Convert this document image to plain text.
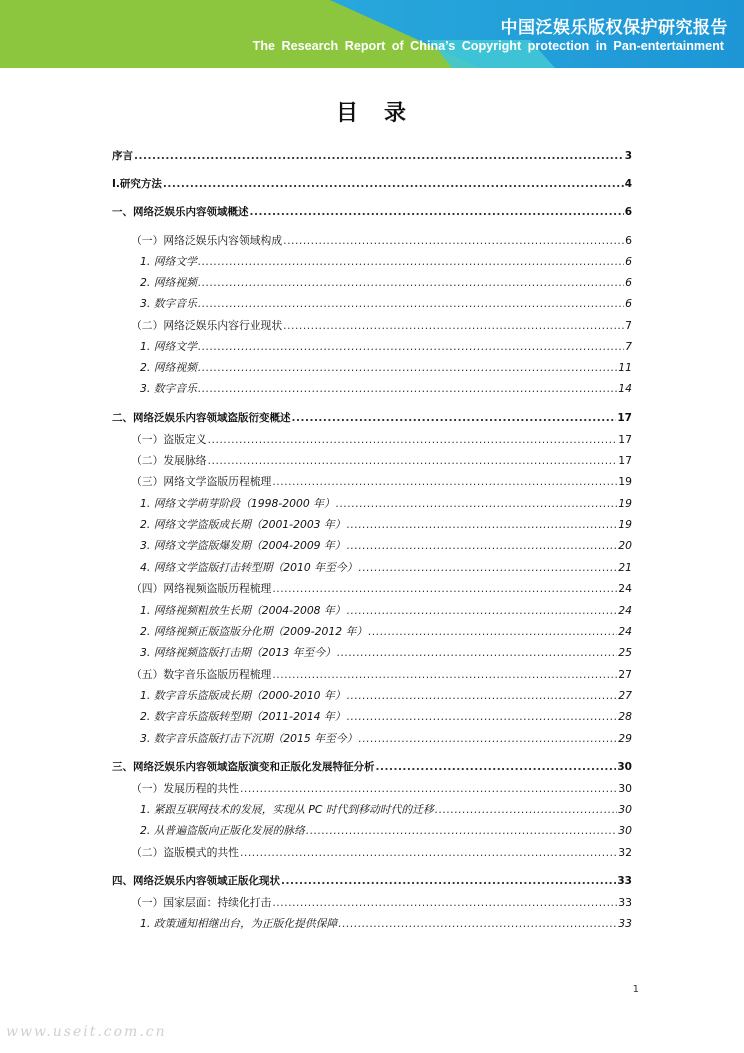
中国泛娱乐版权保护研究报告
The Research Report of China’s Copyright protection in Pan-entertainment
目　录
序言 .....	3
Ⅰ.研究方法 .....	4
一、网络泛娱乐内容领域概述 .....	6
（一）网络泛娱乐内容领域构成 .....	6
1. 网络文学 .....	6
2. 网络视频 .....	6
3. 数字音乐 .....	6
（二）网络泛娱乐内容行业现状 .....	7
1. 网络文学 .....	7
2. 网络视频 .....	11
3. 数字音乐 .....	14
二、网络泛娱乐内容领域盗版衍变概述 .....	17
（一）盗版定义 .....	17
（二）发展脉络 .....	17
（三）网络文学盗版历程梳理 .....	19
1. 网络文学萌芽阶段（1998-2000 年） .....	19
2. 网络文学盗版成长期（2001-2003 年） .....	19
3. 网络文学盗版爆发期（2004-2009 年） .....	20
4. 网络文学盗版打击转型期（2010 年至今） .....	21
（四）网络视频盗版历程梳理 .....	24
1. 网络视频粗放生长期（2004-2008 年） .....	24
2. 网络视频正版盗版分化期（2009-2012 年） .....	24
3. 网络视频盗版打击期（2013 年至今） .....	25
（五）数字音乐盗版历程梳理 .....	27
1. 数字音乐盗版成长期（2000-2010 年） .....	27
2. 数字音乐盗版转型期（2011-2014 年） .....	28
3. 数字音乐盗版打击下沉期（2015 年至今） .....	29
三、网络泛娱乐内容领域盗版演变和正版化发展特征分析 .....	30
（一）发展历程的共性 .....	30
1. 紧跟互联网技术的发展，实现从 PC 时代到移动时代的迁移 .....	30
2. 从普遍盗版向正版化发展的脉络 .....	30
（二）盗版模式的共性 .....	32
四、网络泛娱乐内容领域正版化现状 .....	33
（一）国家层面：持续化打击 .....	33
1. 政策通知相继出台，为正版化提供保障 .....	33
1
www.useit.com.cn
